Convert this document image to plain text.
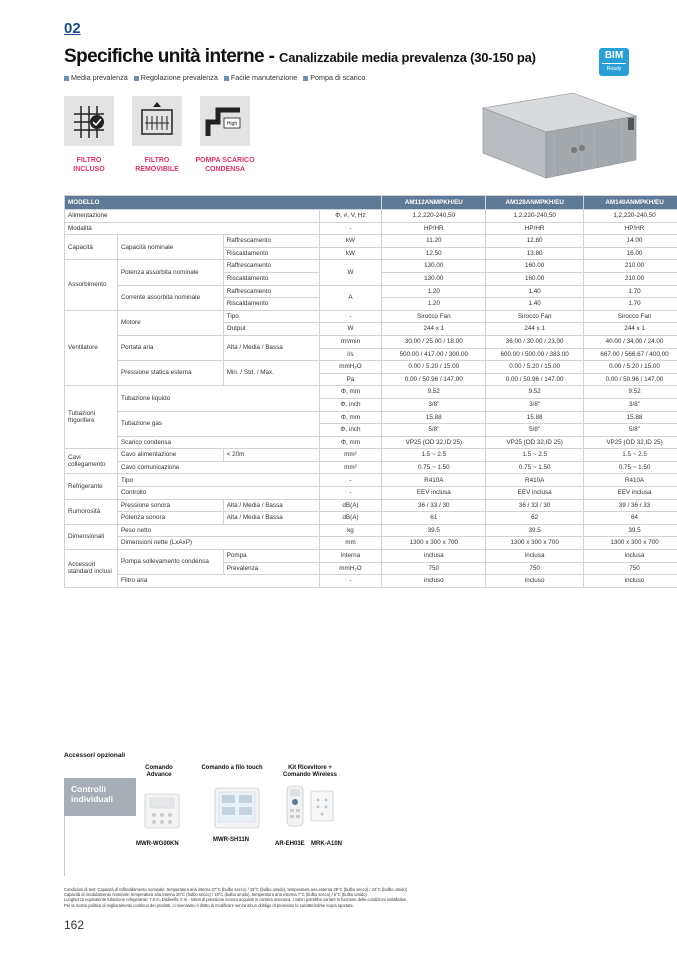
02
Specifiche unità interne - Canalizzabile media prevalenza (30-150 pa)	BIM
Ready
Media prevalenza Regolazione prevalenza Facile manutenzione Pompa di scarico
High
FILTRO
INCLUSO
FILTRO
REMOVIBILE
POMPA SCARICO
CONDENSA
MODELLO				AM112ANMPKH/EU	AM128ANMPKH/EU	AM140ANMPKH/EU
Alimentazione			Φ, #, V, Hz	1,2,220-240,50	1,2,220-240,50	1,2,220-240,50
Modalità			-	HP/HR	HP/HR	HP/HR
Capacità	Capacità nominale	Raffrescamento	kW	11.20	12.80	14.00
		Riscaldamento	kW	12.50	13.80	16.00
Assorbimento	Potenza assorbita nominale	Raffrescamento	W	130.00	160.00	210.00
		Riscaldamento		130.00	160.00	210.00
	Corrente assorbita nominale	Raffrescamento	A	1.20	1.40	1.70
		Riscaldamento		1.20	1.40	1.70
Ventilatore	Motore	Tipo	-	Sirocco Fan	Sirocco Fan	Sirocco Fan
		Output	W	244 x 1	244 x 1	244 x 1
	Portata aria	Alta / Media / Bassa	m³/min	30.00 / 25.00 / 18.00	36.00 / 30.00 / 23.00	40.00 / 34.00 / 24.00
			l/s	500.00 / 417.00 / 300.00	600.00 / 500.00 / 383.00	667.00 / 566.67 / 400.00
	Pressione statica esterna	Min. / Std. / Max.	mmH₂O	0.00 / 5.20 / 15.00	0.00 / 5.20 / 15.00	0.00 / 5.20 / 15.00
			Pa	0.00 / 50.96 / 147.00	0.00 / 50.96 / 147.00	0.00 / 50.96 / 147.00
Tubazioni frigorifere	Tubazione liquido		Φ, mm	9.52	9.52	9.52
			Φ, inch	3/8"	3/8"	3/8"
	Tubazione gas		Φ, mm	15.88	15.88	15.88
			Φ, inch	5/8"	5/8"	5/8"
	Scarico condensa		Φ, mm	VP25 (OD 32,ID 25)	VP25 (OD 32,ID 25)	VP25 (OD 32,ID 25)
Cavi collegamento	Cavo alimentazione	< 20m	mm²	1.5 ~ 2.5	1.5 ~ 2.5	1.5 ~ 2.5
	Cavo comunicazione		mm²	0.75 ~ 1.50	0.75 ~ 1.50	0.75 ~ 1.50
Refrigerante	Tipo		-	R410A	R410A	R410A
	Controllo		-	EEV inclusa	EEV inclusa	EEV inclusa
Rumorosità	Pressione sonora	Alta / Media / Bassa	dB(A)	36 / 33 / 30	36 / 33 / 30	39 / 36 / 33
	Potenza sonora	Alta / Media / Bassa	dB(A)	61	62	64
Dimensionali	Peso netto		kg	39.5	39.5	39.5
	Dimensioni nette (LxAxP)		mm	1300 x 300 x 700	1300 x 300 x 700	1300 x 300 x 700
Accessori standard inclusi	Pompa sollevamento condensa	Pompa	interna	inclusa	inclusa	inclusa
		Prevalenza	mmH₂O	750	750	750
	Filtro aria		-	incluso	incluso	incluso
Accessori opzionali
Comando Advance
Comando a filo touch	Kit Ricevitore + Comando Wireless
Controlli individuali
MWR-WG00KN
MWR-SH11N
AR-EH03E MRK-A10N
Condizioni di test: Capacità di raffreddamento nominale: temperatura aria interna 27°C (bulbo secco) / 19°C (bulbo umido), temperatura aria esterna 35°C (bulbo secco) / 24°C (bulbo umido)
Capacità di riscaldamento nominale: temperatura aria interna 20°C (bulbo secco) / 15°C (bulbo umido), temperatura aria esterna 7°C (bulbo secco) / 6°C (bulbo umido)
Lunghezza equivalente tubazione refrigerante: 7.5 m, Dislivello: 0 m - Valori di pressione sonora acquisiti in camera anecoica. I valori potrebbe variare in funzione delle condizioni installative.
Per la nostra politica di miglioramento continuo dei prodotti, ci riserviamo il diritto di modificare senza alcun obbligo di preavviso le caratteristiche sopra riportate.
162
